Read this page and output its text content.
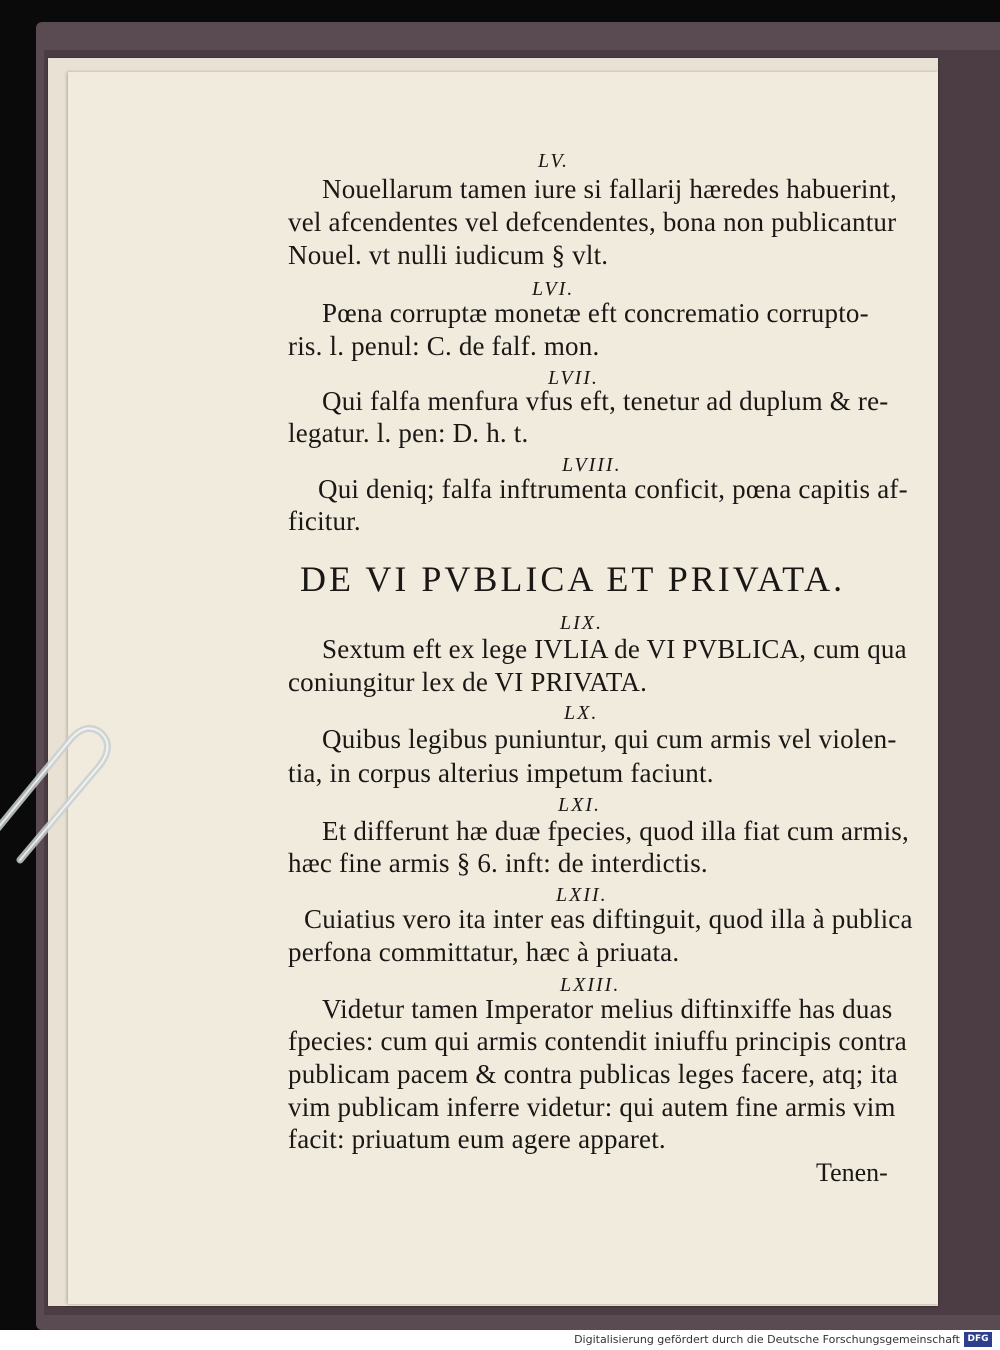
LV.
Nouellarum tamen iure si fallarij hæredes habuerint,
vel afcendentes vel defcendentes, bona non publicantur
Nouel. vt nulli iudicum § vlt.
LVI.
Pœna corruptæ monetæ eft concrematio corrupto-
ris. l. penul: C. de falf. mon.
LVII.
Qui falfa menfura vfus eft, tenetur ad duplum & re-
legatur. l. pen: D. h. t.
LVIII.
Qui deniq; falfa inftrumenta conficit, pœna capitis af-
ficitur.
DE VI PVBLICA ET PRIVATA.
LIX.
Sextum eft ex lege IVLIA de VI PVBLICA, cum qua
coniungitur lex de VI PRIVATA.
LX.
Quibus legibus puniuntur, qui cum armis vel violen-
tia, in corpus alterius impetum faciunt.
LXI.
Et differunt hæ duæ fpecies, quod illa fiat cum armis,
hæc fine armis § 6. inft: de interdictis.
LXII.
Cuiatius vero ita inter eas diftinguit, quod illa à publica
perfona committatur, hæc à priuata.
LXIII.
Videtur tamen Imperator melius diftinxiffe has duas
fpecies: cum qui armis contendit iniuffu principis contra
publicam pacem & contra publicas leges facere, atq; ita
vim publicam inferre videtur: qui autem fine armis vim
facit: priuatum eum agere apparet.
Tenen-
Digitalisierung gefördert durch die Deutsche Forschungsgemeinschaft DFG
